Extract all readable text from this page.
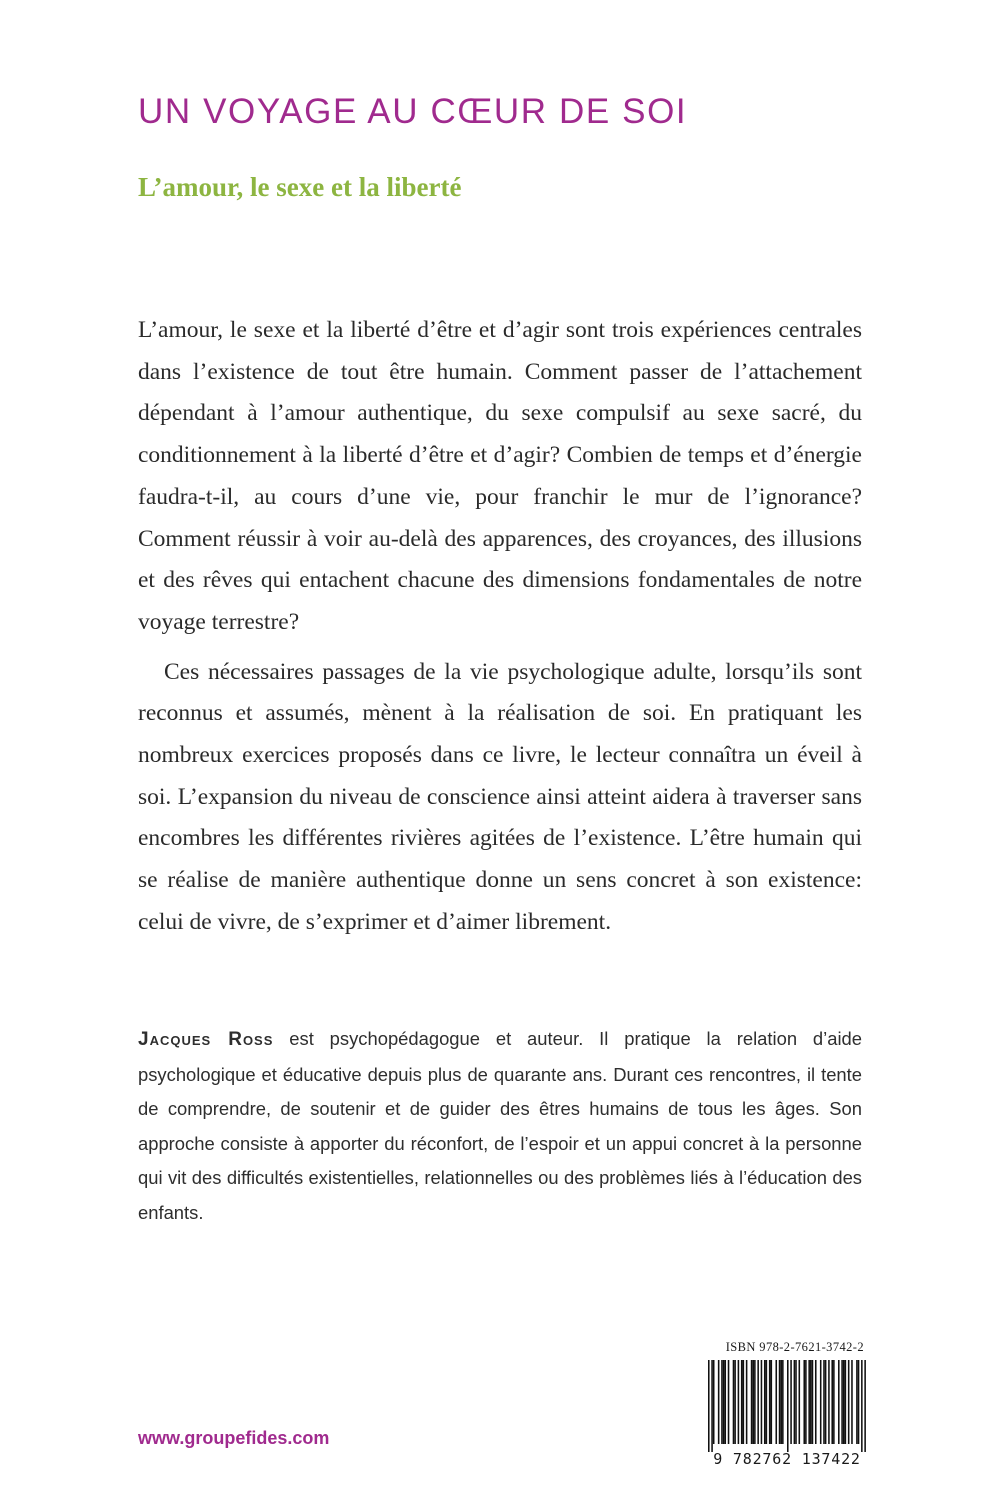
UN VOYAGE AU CŒUR DE SOI
L’amour, le sexe et la liberté

L’amour, le sexe et la liberté d’être et d’agir sont trois expériences centrales dans l’existence de tout être humain. Comment passer de l’attachement dépendant à l’amour authentique, du sexe compulsif au sexe sacré, du conditionnement à la liberté d’être et d’agir? Combien de temps et d’énergie faudra-t-il, au cours d’une vie, pour franchir le mur de l’ignorance? Comment réussir à voir au-delà des apparences, des croyances, des illusions et des rêves qui entachent chacune des dimensions fondamentales de notre voyage terrestre?

Ces nécessaires passages de la vie psychologique adulte, lorsqu’ils sont reconnus et assumés, mènent à la réalisation de soi. En pratiquant les nombreux exercices proposés dans ce livre, le lecteur connaîtra un éveil à soi. L’expansion du niveau de conscience ainsi atteint aidera à traverser sans encombres les différentes rivières agitées de l’existence. L’être humain qui se réalise de manière authentique donne un sens concret à son existence: celui de vivre, de s’exprimer et d’aimer librement.

Jacques Ross est psychopédagogue et auteur. Il pratique la relation d’aide psychologique et éducative depuis plus de quarante ans. Durant ces rencontres, il tente de comprendre, de soutenir et de guider des êtres humains de tous les âges. Son approche consiste à apporter du réconfort, de l’espoir et un appui concret à la personne qui vit des difficultés existentielles, relationnelles ou des problèmes liés à l’éducation des enfants.

www.groupefides.com
ISBN 978-2-7621-3742-2
9 782762 137422
